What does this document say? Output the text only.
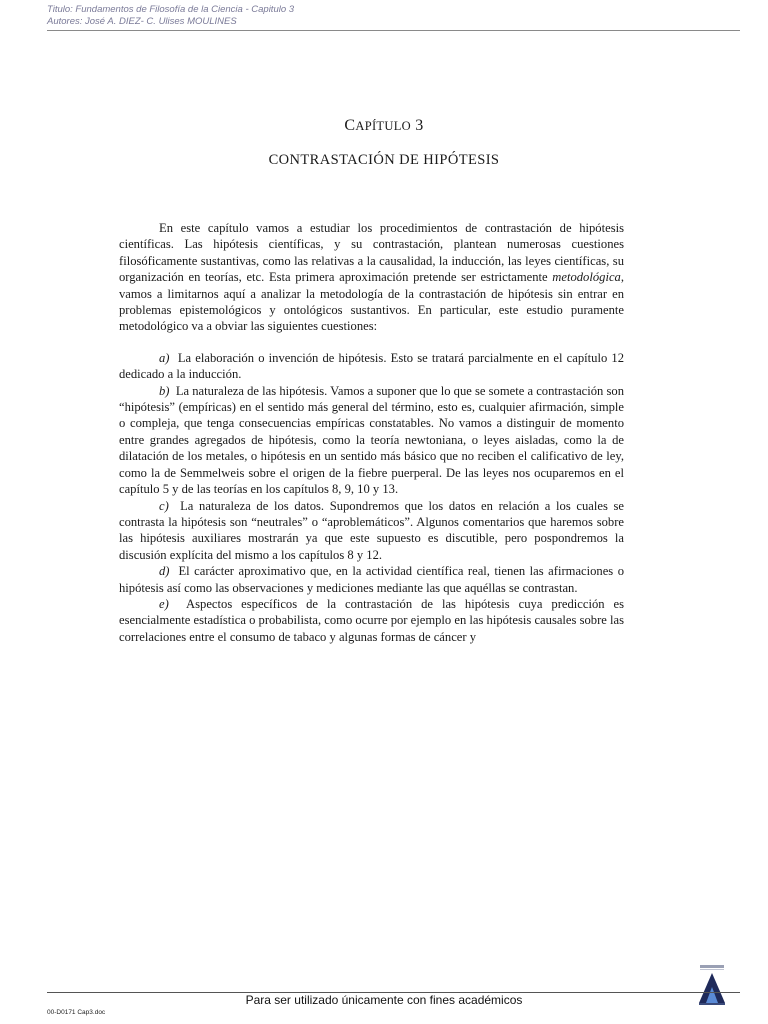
Titulo: Fundamentos de Filosofía de la Ciencia - Capitulo 3
Autores: José A. DIEZ- C. Ulises MOULINES
CAPÍTULO 3
CONTRASTACIÓN DE HIPÓTESIS

En este capítulo vamos a estudiar los procedimientos de contrastación de hipótesis científicas. Las hipótesis científicas, y su contrastación, plantean numerosas cuestiones filosóficamente sustantivas, como las relativas a la causalidad, la inducción, las leyes científicas, su organización en teorías, etc. Esta primera aproximación pretende ser estrictamente metodológica, vamos a limitarnos aquí a analizar la metodología de la contrastación de hipótesis sin entrar en problemas epistemológicos y ontológicos sustantivos. En particular, este estudio puramente metodológico va a obviar las siguientes cuestiones:

a) La elaboración o invención de hipótesis. Esto se tratará parcialmente en el capítulo 12 dedicado a la inducción.

b) La naturaleza de las hipótesis. Vamos a suponer que lo que se somete a contrastación son “hipótesis” (empíricas) en el sentido más general del término, esto es, cualquier afirmación, simple o compleja, que tenga consecuencias empíricas constatables. No vamos a distinguir de momento entre grandes agregados de hipótesis, como la teoría newtoniana, o leyes aisladas, como la de dilatación de los metales, o hipótesis en un sentido más básico que no reciben el calificativo de ley, como la de Semmelweis sobre el origen de la fiebre puerperal. De las leyes nos ocuparemos en el capítulo 5 y de las teorías en los capítulos 8, 9, 10 y 13.

c) La naturaleza de los datos. Supondremos que los datos en relación a los cuales se contrasta la hipótesis son “neutrales” o “aproblemáticos”. Algunos comentarios que haremos sobre las hipótesis auxiliares mostrarán ya que este supuesto es discutible, pero pospondremos la discusión explícita del mismo a los capítulos 8 y 12.

d) El carácter aproximativo que, en la actividad científica real, tienen las afirmaciones o hipótesis así como las observaciones y mediciones mediante las que aquéllas se contrastan.

e) Aspectos específicos de la contrastación de las hipótesis cuya predicción es esencialmente estadística o probabilista, como ocurre por ejemplo en las hipótesis causales sobre las correlaciones entre el consumo de tabaco y algunas formas de cáncer y

Para ser utilizado únicamente con fines académicos
00-D0171 Cap3.doc
